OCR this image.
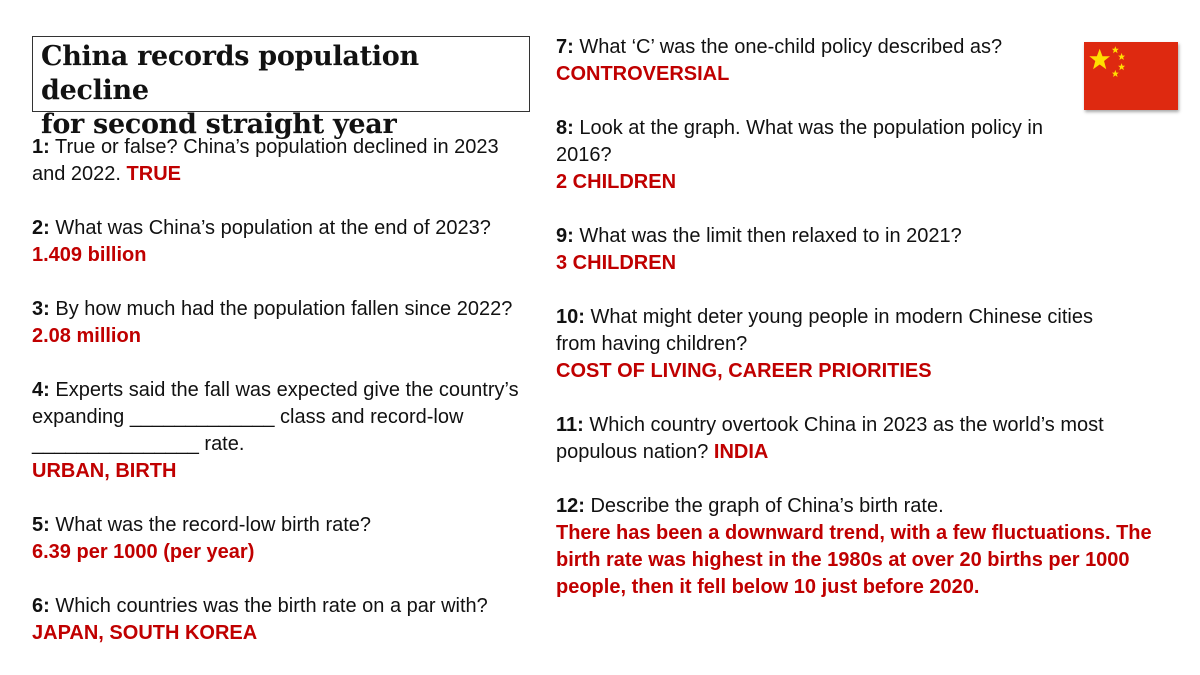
China records population decline

for second straight year

1: True or false? China’s population declined in 2023 and 2022. TRUE

2: What was China’s population at the end of 2023? 1.409 billion

3: By how much had the population fallen since 2022? 2.08 million

4: Experts said the fall was expected give the country’s expanding _____________ class and record-low _______________ rate.
URBAN, BIRTH

5: What was the record-low birth rate?
6.39 per 1000 (per year)

6: Which countries was the birth rate on a par with? JAPAN, SOUTH KOREA

7: What ‘C’ was the one-child policy described as?
CONTROVERSIAL

8: Look at the graph. What was the population policy in 2016?
2 CHILDREN

9: What was the limit then relaxed to in 2021?
3 CHILDREN

10: What might deter young people in modern Chinese cities from having children?
COST OF LIVING, CAREER PRIORITIES

11: Which country overtook China in 2023 as the world’s most populous nation? INDIA

12: Describe the graph of China’s birth rate.
There has been a downward trend, with a few fluctuations. The birth rate was highest in the 1980s at over 20 births per 1000 people, then it fell below 10 just before 2020.
